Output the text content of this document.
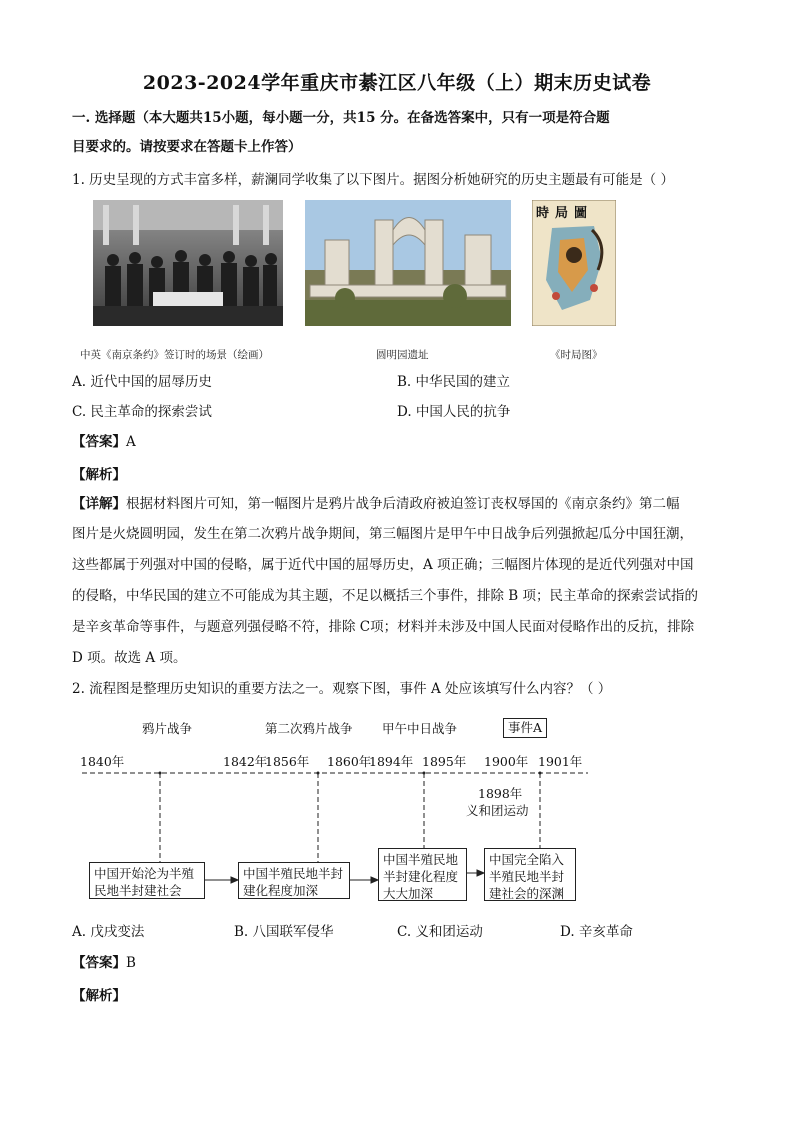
2023-2024学年重庆市綦江区八年级（上）期末历史试卷
一. 选择题（本大题共15小题，每小题一分，共15 分。在备选答案中，只有一项是符合题
目要求的。请按要求在答题卡上作答）
1. 历史呈现的方式丰富多样，薪澜同学收集了以下图片。据图分析她研究的历史主题最有可能是（ ）
時局圖
中英《南京条约》签订时的场景（绘画）	圆明园遗址	《时局图》
A. 近代中国的屈辱历史	B. 中华民国的建立
C. 民主革命的探索尝试	D. 中国人民的抗争
【答案】A
【解析】
【详解】根据材料图片可知，第一幅图片是鸦片战争后清政府被迫签订丧权辱国的《南京条约》第二幅
图片是火烧圆明园，发生在第二次鸦片战争期间，第三幅图片是甲午中日战争后列强掀起瓜分中国狂潮，
这些都属于列强对中国的侵略，属于近代中国的屈辱历史，A 项正确；三幅图片体现的是近代列强对中国
的侵略，中华民国的建立不可能成为其主题，不足以概括三个事件，排除 B 项；民主革命的探索尝试指的
是辛亥革命等事件，与题意列强侵略不符，排除 C项；材料并未涉及中国人民面对侵略作出的反抗，排除
D 项。故选 A 项。
2. 流程图是整理历史知识的重要方法之一。观察下图，事件 A 处应该填写什么内容？（ ）
鸦片战争	第二次鸦片战争 甲午中日战争	事件A
1840年	1842年
1856年 1860年
1894年 1895年 1900年 1901年
1898年
义和团运动
中国开始沦为半殖民地半封建社会
中国半殖民地半封建化程度加深
中国半殖民地半封建化程度大大加深
中国完全陷入半殖民地半封建社会的深渊
A. 戊戌变法	B. 八国联军侵华	C. 义和团运动	D. 辛亥革命
【答案】B
【解析】
